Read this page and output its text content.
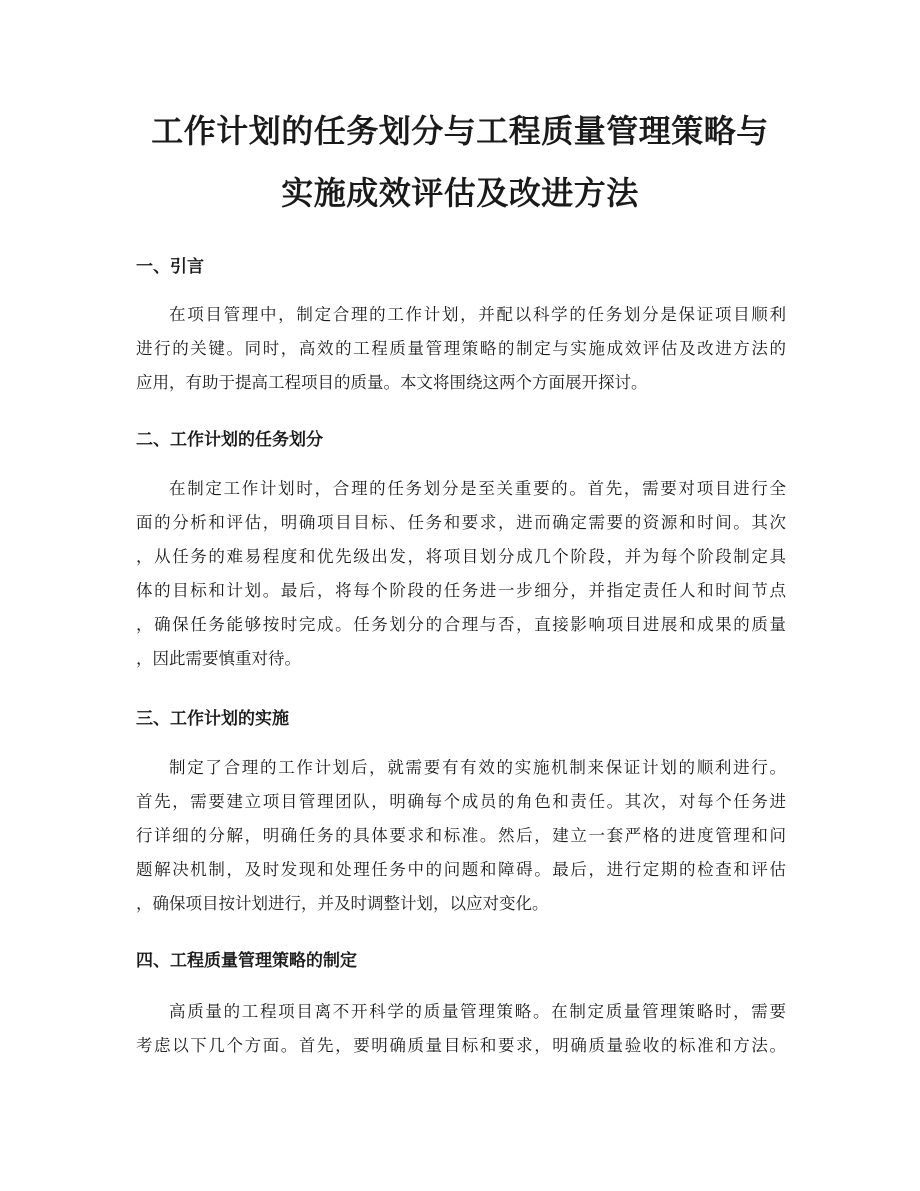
工作计划的任务划分与工程质量管理策略与
实施成效评估及改进方法
一、引言
在项目管理中，制定合理的工作计划，并配以科学的任务划分是保证项目顺利
进行的关键。同时，高效的工程质量管理策略的制定与实施成效评估及改进方法的
应用，有助于提高工程项目的质量。本文将围绕这两个方面展开探讨。
二、工作计划的任务划分
在制定工作计划时，合理的任务划分是至关重要的。首先，需要对项目进行全
面的分析和评估，明确项目目标、任务和要求，进而确定需要的资源和时间。其次
，从任务的难易程度和优先级出发，将项目划分成几个阶段，并为每个阶段制定具
体的目标和计划。最后，将每个阶段的任务进一步细分，并指定责任人和时间节点
，确保任务能够按时完成。任务划分的合理与否，直接影响项目进展和成果的质量
，因此需要慎重对待。
三、工作计划的实施
制定了合理的工作计划后，就需要有有效的实施机制来保证计划的顺利进行。
首先，需要建立项目管理团队，明确每个成员的角色和责任。其次，对每个任务进
行详细的分解，明确任务的具体要求和标准。然后，建立一套严格的进度管理和问
题解决机制，及时发现和处理任务中的问题和障碍。最后，进行定期的检查和评估
，确保项目按计划进行，并及时调整计划，以应对变化。
四、工程质量管理策略的制定
高质量的工程项目离不开科学的质量管理策略。在制定质量管理策略时，需要
考虑以下几个方面。首先，要明确质量目标和要求，明确质量验收的标准和方法。
